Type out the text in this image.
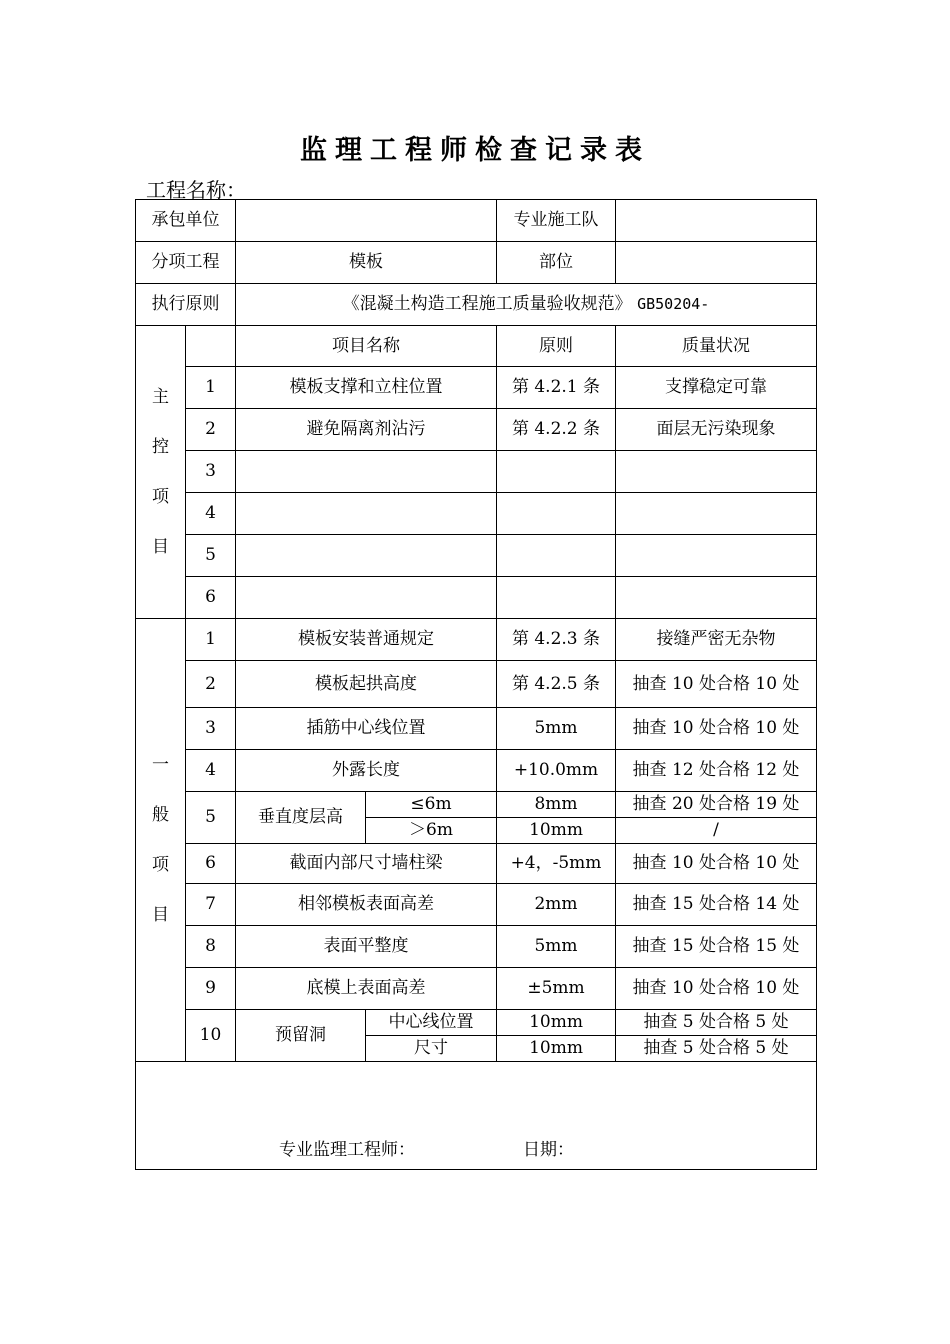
监理工程师检查记录表
工程名称：
承包单位				专业施工队	
分项工程		模板		部位	
执行原则		《混凝土构造工程施工质量验收规范》 GB50204-			

主
控
项
目		项目名称		原则	质量状况
	1	模板支撑和立柱位置		第 4.2.1 条	支撑稳定可靠
	2	避免隔离剂沾污		第 4.2.2 条	面层无污染现象
	3				
	4				
	5				
	6				

一
般
项
目	1	模板安装普通规定		第 4.2.3 条	接缝严密无杂物
	2	模板起拱高度		第 4.2.5 条	抽查 10 处合格 10 处
	3	插筋中心线位置		5mm	抽查 10 处合格 10 处
	4	外露长度		+10.0mm	抽查 12 处合格 12 处
	5	垂直度层高	≤6m	8mm	抽查 20 处合格 19 处
			＞6m	10mm	/
	6	截面内部尺寸墙柱梁		+4，-5mm	抽查 10 处合格 10 处
	7	相邻模板表面高差		2mm	抽查 15 处合格 14 处
	8	表面平整度		5mm	抽查 15 处合格 15 处
	9	底模上表面高差		±5mm	抽查 10 处合格 10 处
	10	预留洞	中心线位置	10mm	抽查 5 处合格 5 处
			尺寸	10mm	抽查 5 处合格 5 处

专业监理工程师： 日期：					
